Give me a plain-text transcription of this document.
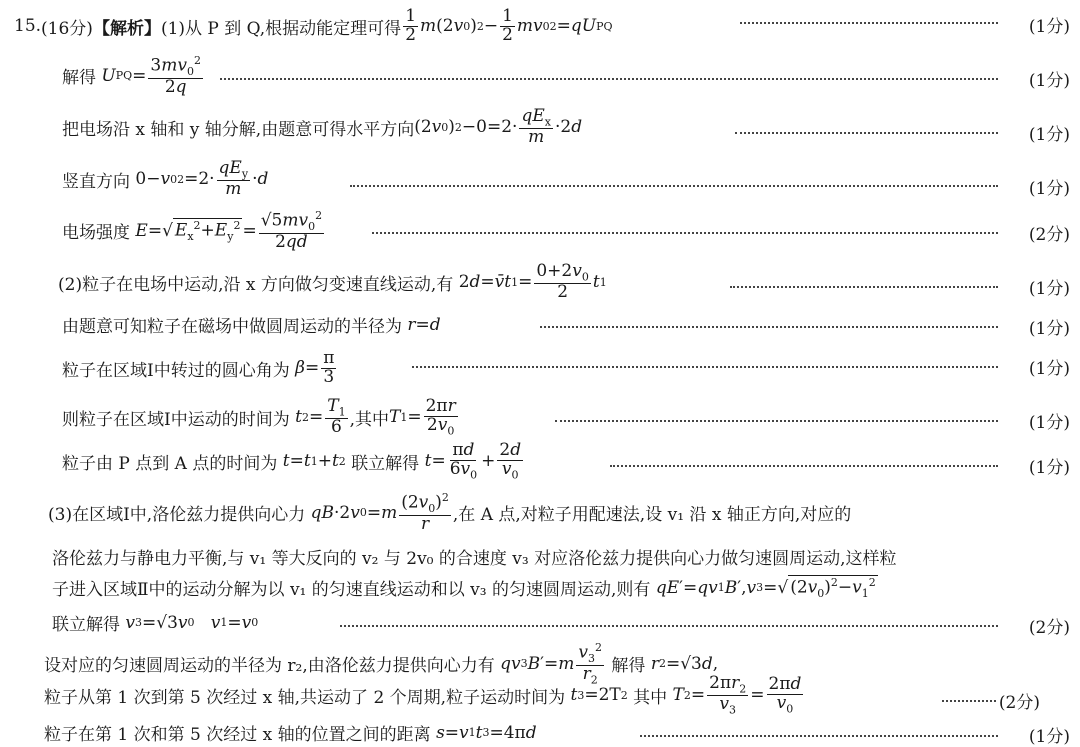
15. (16分) 【解析】 (1)从 P 到 Q,根据动能定理可得 $\frac{1}{2}$ m (2 v 0 ) $2 - \frac{1}{2}$ mv 0 2 = qU PQ	(1分)
解得
U PQ = $\frac{3mv_0^2}{2q}$	(1分)
把电场沿 x 轴和 y 轴分解,由题意可得水平方向 (2 v 0 ) $2 -0=2\cdot \frac{qE_x}{m} \cdot 2$ d	(1分)
竖直方向 0− v 0 $2 =2\cdot \frac{qE_y}{m} \cdot d$	(1分)
电场强度
E =√ $E_x^2+E_y^2 = \frac{√5mv_0^2}{2qd}$	(2分)
(2)粒子在电场中运动,沿 x 方向做匀变速直线运动,有 2 d = v̄t $1 = \frac{0+2v_0}{2}$ t 1	(1分)
由题意可知粒子在磁场中做圆周运动的半径为
r = d	(1分)
粒子在区域Ⅰ中转过的圆心角为
$\beta = \frac{\pi}{3}$	(1分)
则粒子在区域Ⅰ中运动的时间为
t $2 = \frac{T_1}{6}$ ,其中 T $1 = \frac{2\pi r}{2v_0}$	(1分)
粒子由 P 点到 A 点的时间为
t = t 1 + t 2
联立解得
$t = \frac{\pi d}{6v_0} + \frac{2d}{v_0}$	(1分)
(3)在区域Ⅰ中,洛伦兹力提供向心力
qB ·2 v 0 = m $\frac{(2v_0)^2}{r}$ ,在 A 点,对粒子用配速法,设 v₁ 沿 x 轴正方向,对应的
洛伦兹力与静电力平衡,与 v₁ 等大反向的 v₂ 与 2v₀ 的合速度 v₃ 对应洛伦兹力提供向心力做匀速圆周运动,这样粒
子进入区域Ⅱ中的运动分解为以 v₁ 的匀速直线运动和以 v₃ 的匀速圆周运动,则有
qE ′= qv 1 B ′, v 3 =√ $(2v_0)^2-v_1^2$
联立解得
v 3 =√3 v 0
v 1 = v 0	(2分)
设对应的匀速圆周运动的半径为 r₂,由洛伦兹力提供向心力有
qv 3 B ′= m $\frac{v_3^2}{r_2}$
解得
r 2 =√3 d ,
粒子从第 1 次到第 5 次经过 x 轴,共运动了 2 个周期,粒子运动时间为
t 3 =2T 2
其中
T $2 = \frac{2\pi r_2}{v_3} = \frac{2\pi d}{v_0}$	(2分)
粒子在第 1 次和第 5 次经过 x 轴的位置之间的距离
s = v 1 t 3 =4π d	(1分)
